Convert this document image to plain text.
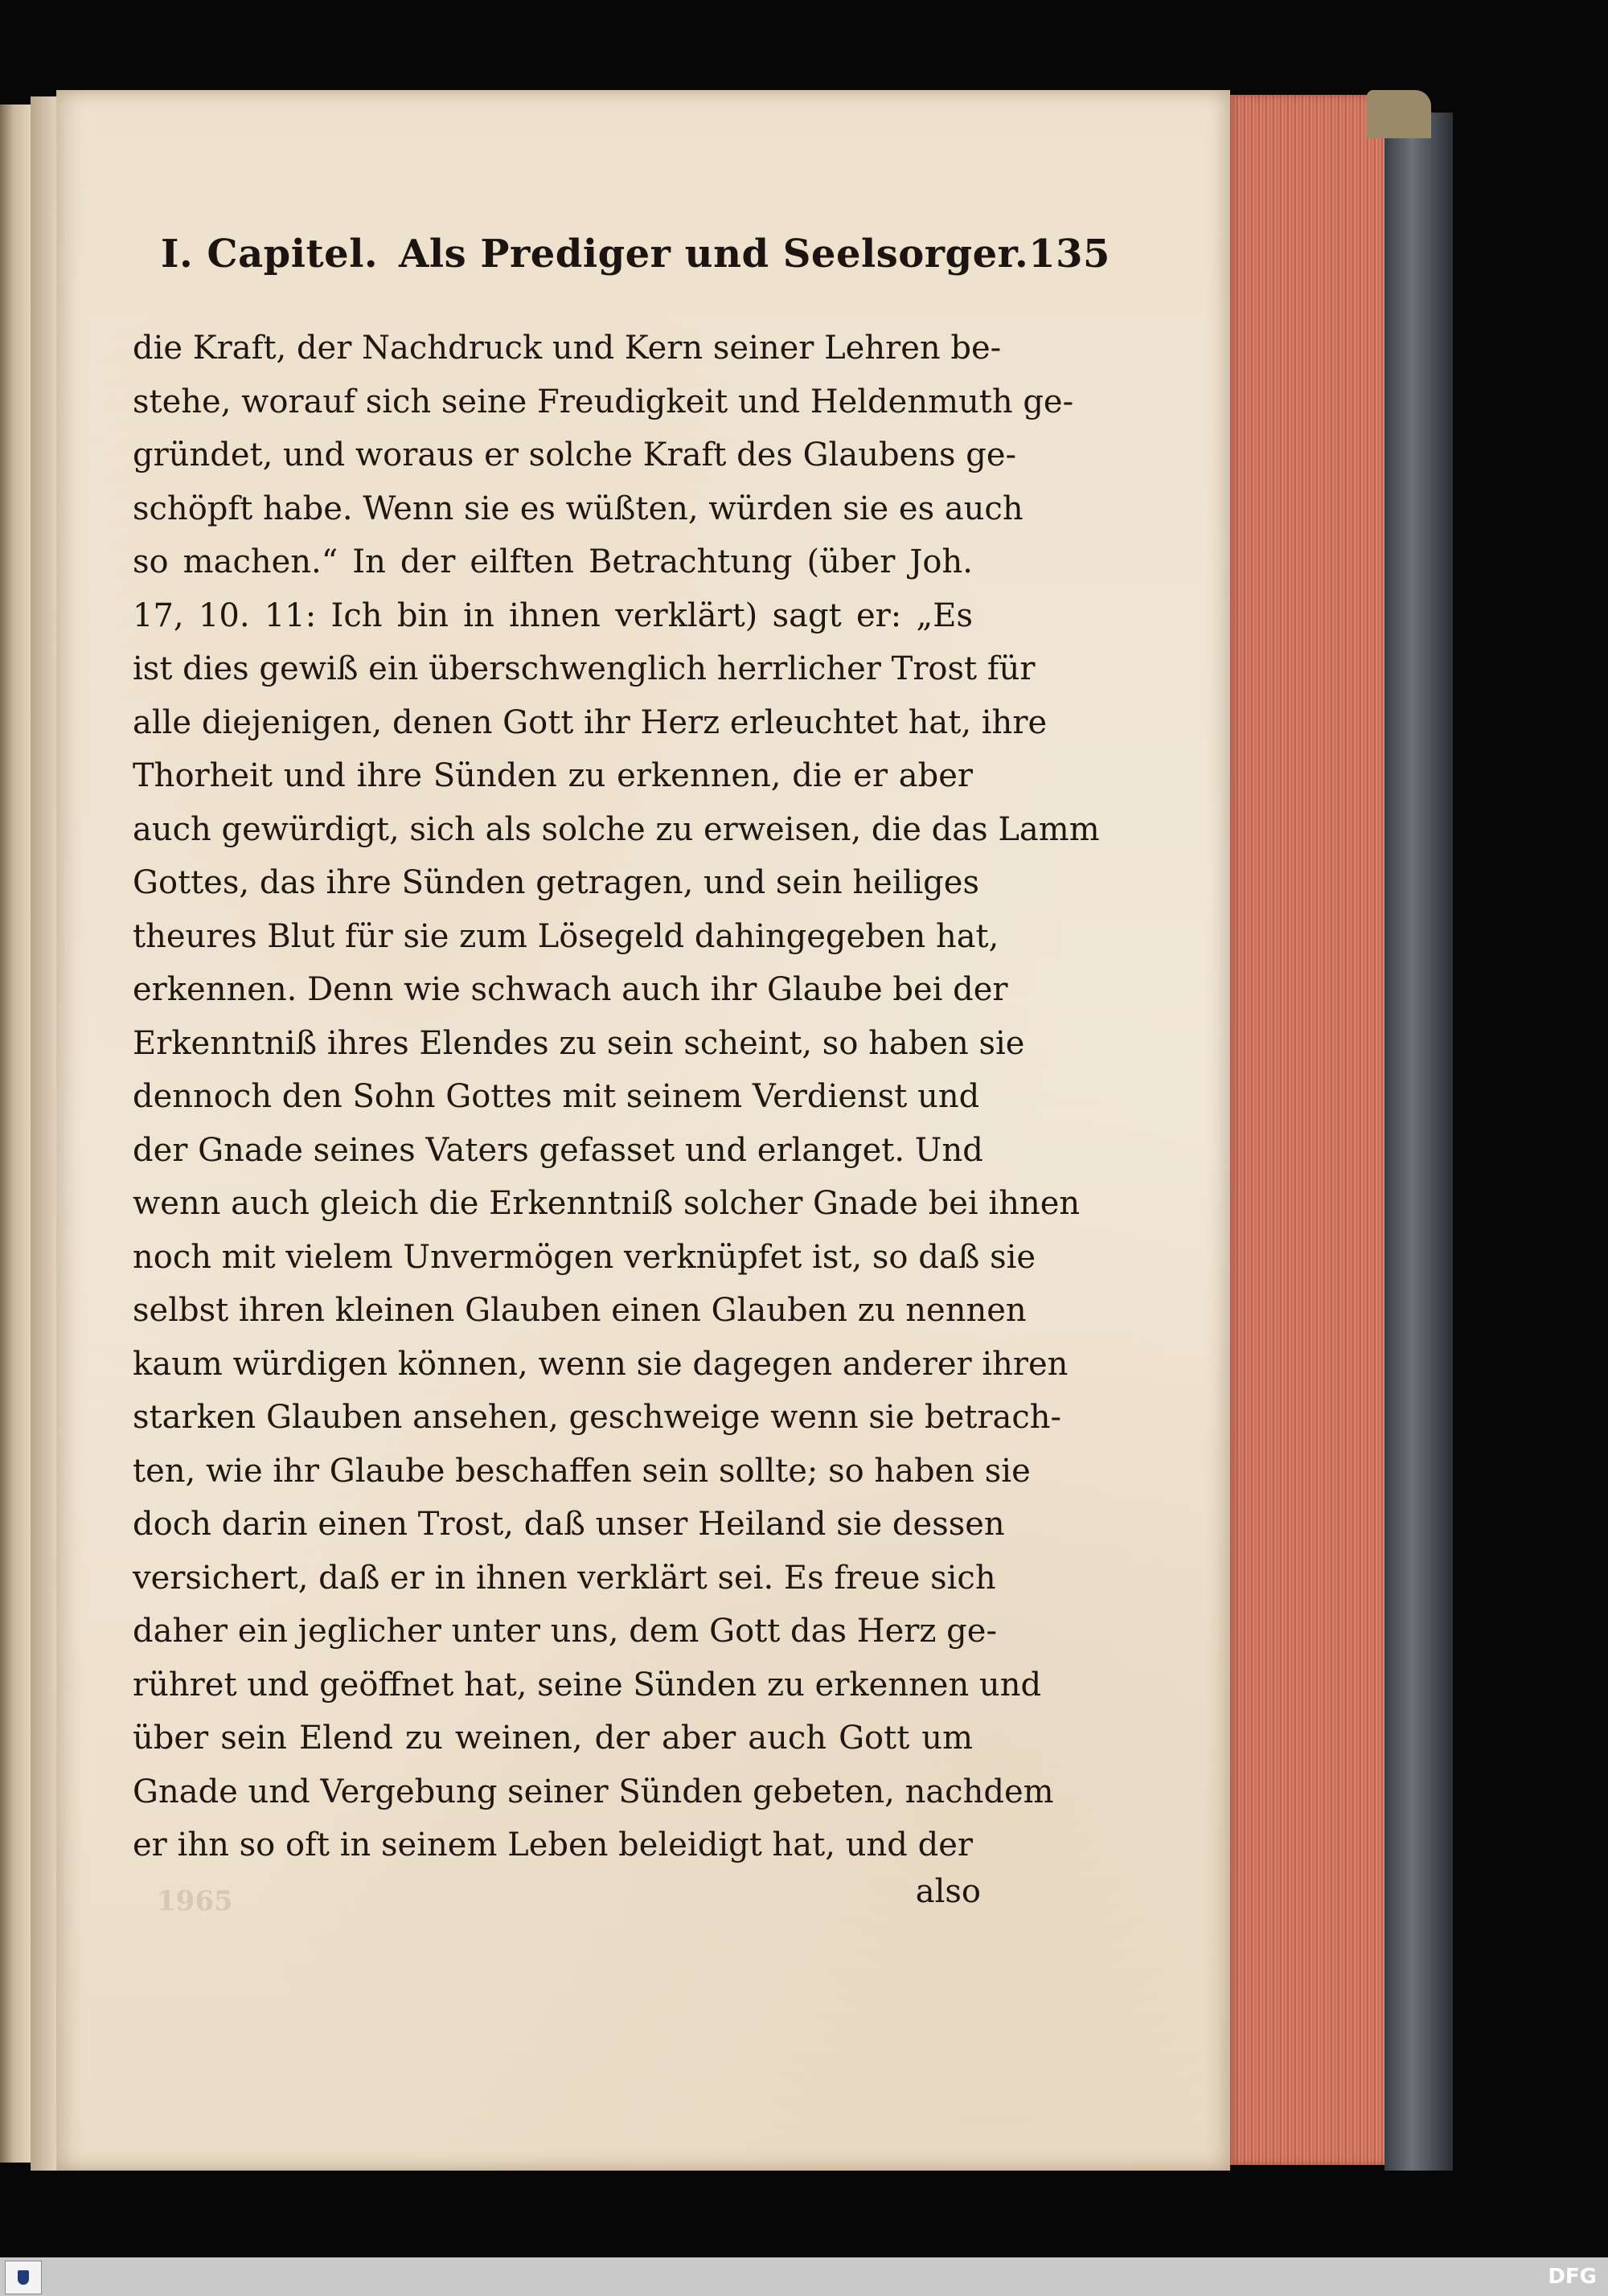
I. Capitel. Als Prediger und Seelsorger. 135
die Kraft, der Nachdruck und Kern seiner Lehren be-
stehe, worauf sich seine Freudigkeit und Heldenmuth ge-
gründet, und woraus er solche Kraft des Glaubens ge-
schöpft habe. Wenn sie es wüßten, würden sie es auch
so machen.“ In der eilften Betrachtung (über Joh.
17, 10. 11: Ich bin in ihnen verklärt) sagt er: „Es
ist dies gewiß ein überschwenglich herrlicher Trost für
alle diejenigen, denen Gott ihr Herz erleuchtet hat, ihre
Thorheit und ihre Sünden zu erkennen, die er aber
auch gewürdigt, sich als solche zu erweisen, die das Lamm
Gottes, das ihre Sünden getragen, und sein heiliges
theures Blut für sie zum Lösegeld dahingegeben hat,
erkennen. Denn wie schwach auch ihr Glaube bei der
Erkenntniß ihres Elendes zu sein scheint, so haben sie
dennoch den Sohn Gottes mit seinem Verdienst und
der Gnade seines Vaters gefasset und erlanget. Und
wenn auch gleich die Erkenntniß solcher Gnade bei ihnen
noch mit vielem Unvermögen verknüpfet ist, so daß sie
selbst ihren kleinen Glauben einen Glauben zu nennen
kaum würdigen können, wenn sie dagegen anderer ihren
starken Glauben ansehen, geschweige wenn sie betrach-
ten, wie ihr Glaube beschaffen sein sollte; so haben sie
doch darin einen Trost, daß unser Heiland sie dessen
versichert, daß er in ihnen verklärt sei. Es freue sich
daher ein jeglicher unter uns, dem Gott das Herz ge-
rühret und geöffnet hat, seine Sünden zu erkennen und
über sein Elend zu weinen, der aber auch Gott um
Gnade und Vergebung seiner Sünden gebeten, nachdem
er ihn so oft in seinem Leben beleidigt hat, und der
1965	also
DFG
